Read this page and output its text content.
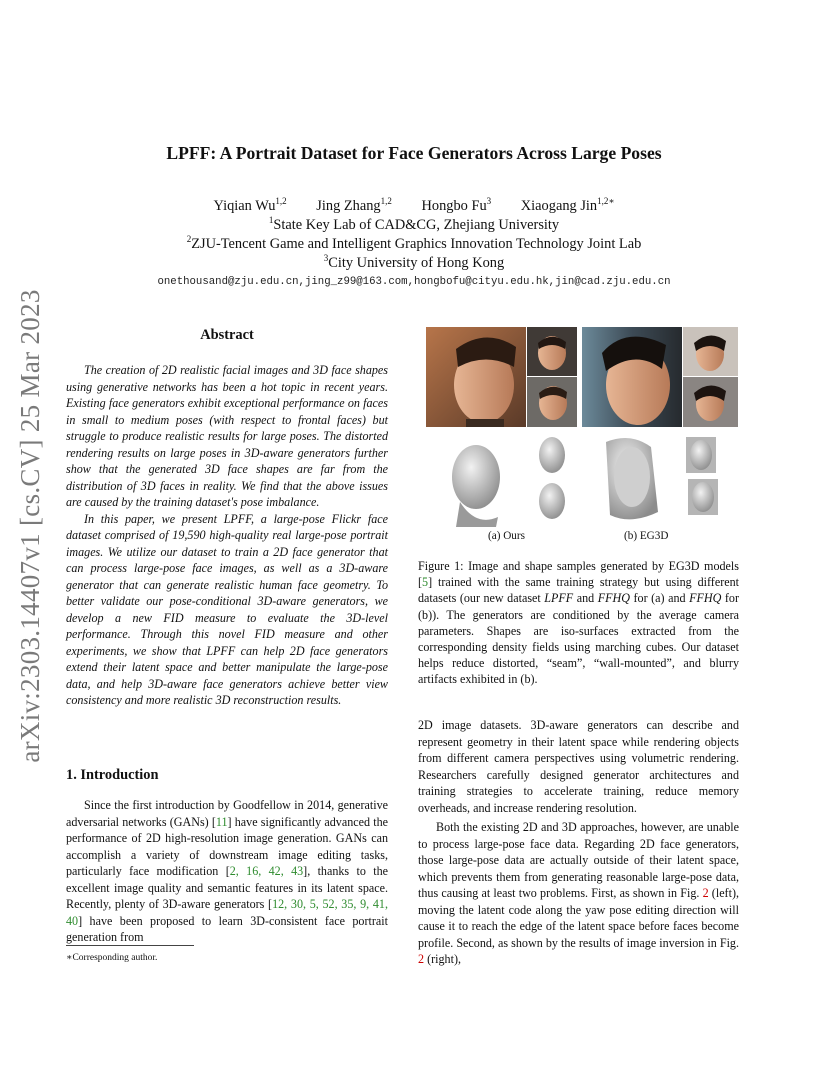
arXiv:2303.14407v1 [cs.CV] 25 Mar 2023
LPFF: A Portrait Dataset for Face Generators Across Large Poses
Yiqian Wu$^{1,2}$ Jing Zhang$^{1,2}$ Hongbo Fu$^3$ Xiaogang Jin$^{1,2∗}$
$^1$State Key Lab of CAD&CG, Zhejiang University
$^2$ZJU-Tencent Game and Intelligent Graphics Innovation Technology Joint Lab
$^3$City University of Hong Kong
onethousand@zju.edu.cn,jing_z99@163.com,hongbofu@cityu.edu.hk,jin@cad.zju.edu.cn
Abstract

The creation of 2D realistic facial images and 3D face shapes using generative networks has been a hot topic in recent years. Existing face generators exhibit exceptional performance on faces in small to medium poses (with respect to frontal faces) but struggle to produce realistic results for large poses. The distorted rendering results on large poses in 3D-aware generators further show that the generated 3D face shapes are far from the distribution of 3D faces in reality. We find that the above issues are caused by the training dataset's pose imbalance.

In this paper, we present LPFF, a large-pose Flickr face dataset comprised of 19,590 high-quality real large-pose portrait images. We utilize our dataset to train a 2D face generator that can process large-pose face images, as well as a 3D-aware generator that can generate realistic human face geometry. To better validate our pose-conditional 3D-aware generators, we develop a new FID measure to evaluate the 3D-level performance. Through this novel FID measure and other experiments, we show that LPFF can help 2D face generators extend their latent space and better manipulate the large-pose data, and help 3D-aware face generators achieve better view consistency and more realistic 3D reconstruction results.

1. Introduction

Since the first introduction by Goodfellow in 2014, generative adversarial networks (GANs) [11] have significantly advanced the performance of 2D high-resolution image generation. GANs can accomplish a variety of downstream image editing tasks, particularly face modification [2, 16, 42, 43], thanks to the excellent image quality and semantic features in its latent space. Recently, plenty of 3D-aware generators [12, 30, 5, 52, 35, 9, 41, 40] have been proposed to learn 3D-consistent face portrait generation from

∗Corresponding author.
(a) Ours	(b) EG3D
Figure 1: Image and shape samples generated by EG3D models [5] trained with the same training strategy but using different datasets (our new dataset LPFF and FFHQ for (a) and FFHQ for (b)). The generators are conditioned by the average camera parameters. Shapes are iso-surfaces extracted from the corresponding density fields using marching cubes. Our dataset helps reduce distorted, “seam”, “wall-mounted”, and blurry artifacts exhibited in (b).

2D image datasets. 3D-aware generators can describe and represent geometry in their latent space while rendering objects from different camera perspectives using volumetric rendering. Researchers carefully designed generator architectures and training strategies to accelerate training, reduce memory overheads, and increase rendering resolution.

Both the existing 2D and 3D approaches, however, are unable to process large-pose face data. Regarding 2D face generators, those large-pose data are actually outside of their latent space, which prevents them from generating reasonable large-pose data, thus causing at least two problems. First, as shown in Fig. 2 (left), moving the latent code along the yaw pose editing direction will cause it to reach the edge of the latent space before faces become profile. Second, as shown by the results of image inversion in Fig. 2 (right),
